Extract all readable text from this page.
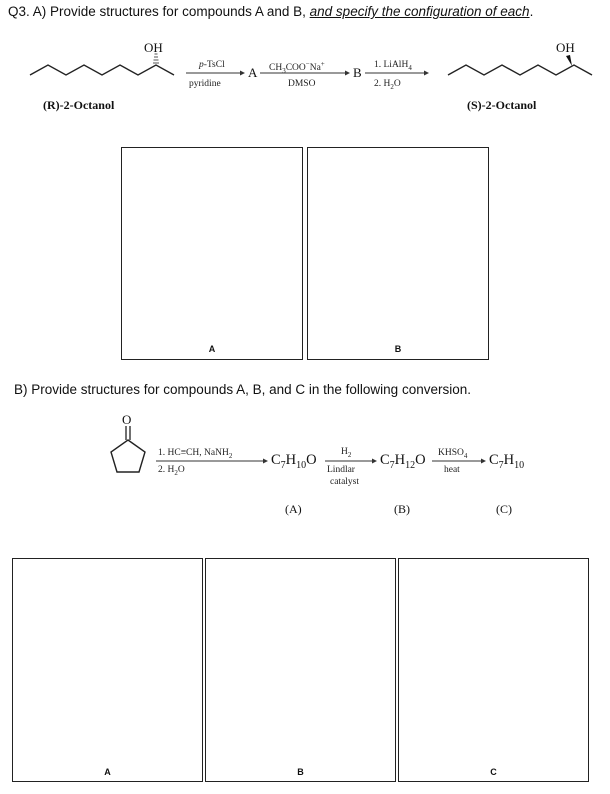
Q3. A) Provide structures for compounds A and B, and specify the configuration of each.
OH	OH
p-TsCl
pyridine
A $CH_3COO^-Na^+$
DMSO
B 1. LiAlH$_4$
2. $H_2O$
(R)-2-Octanol	(S)-2-Octanol
A	B
B) Provide structures for compounds A, B, and C in the following conversion.
O
1. HC≡CH, NaNH$_2$
2. $H_2O$
$C_7H_{10}O$	$H_2$
Lindlar
catalyst
$C_7H_{12}O$ $KHSO_4$
heat
$C_7H_{10}$
(A)	(B)	(C)
A	B	C
